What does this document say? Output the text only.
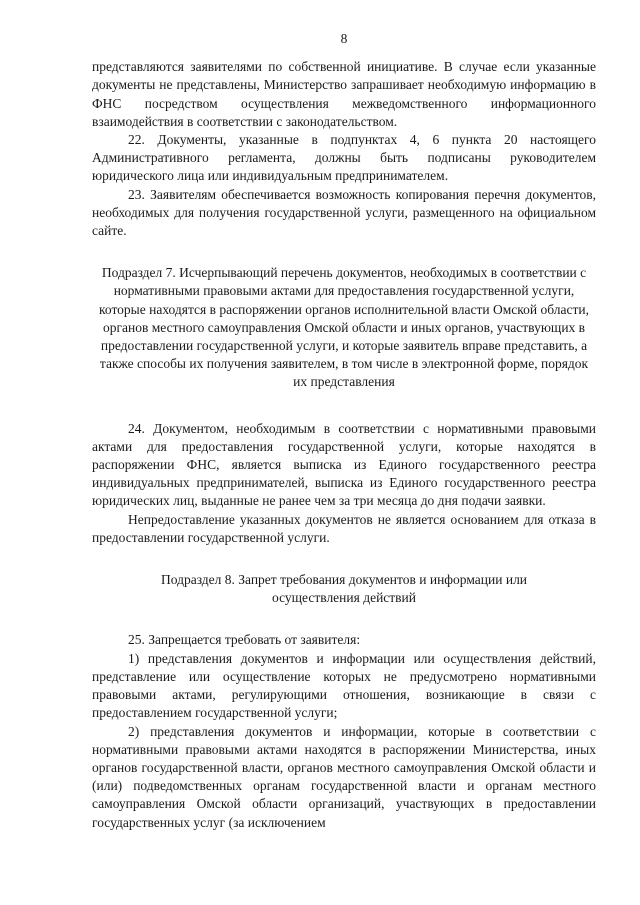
8

представляются заявителями по собственной инициативе. В случае если указанные документы не представлены, Министерство запрашивает необходимую информацию в ФНС посредством осуществления межведомственного информационного взаимодействия в соответствии с законодательством.

22. Документы, указанные в подпунктах 4, 6 пункта 20 настоящего Административного регламента, должны быть подписаны руководителем юридического лица или индивидуальным предпринимателем.

23. Заявителям обеспечивается возможность копирования перечня документов, необходимых для получения государственной услуги, размещенного на официальном сайте.

Подраздел 7. Исчерпывающий перечень документов, необходимых в соответствии с нормативными правовыми актами для предоставления государственной услуги, которые находятся в распоряжении органов исполнительной власти Омской области, органов местного самоуправления Омской области и иных органов, участвующих в предоставлении государственной услуги, и которые заявитель вправе представить, а также способы их получения заявителем, в том числе в электронной форме, порядок их представления

24. Документом, необходимым в соответствии с нормативными правовыми актами для предоставления государственной услуги, которые находятся в распоряжении ФНС, является выписка из Единого государственного реестра индивидуальных предпринимателей, выписка из Единого государственного реестра юридических лиц, выданные не ранее чем за три месяца до дня подачи заявки.

Непредоставление указанных документов не является основанием для отказа в предоставлении государственной услуги.

Подраздел 8. Запрет требования документов и информации или осуществления действий

25. Запрещается требовать от заявителя:

1) представления документов и информации или осуществления действий, представление или осуществление которых не предусмотрено нормативными правовыми актами, регулирующими отношения, возникающие в связи с предоставлением государственной услуги;

2) представления документов и информации, которые в соответствии с нормативными правовыми актами находятся в распоряжении Министерства, иных органов государственной власти, органов местного самоуправления Омской области и (или) подведомственных органам государственной власти и органам местного самоуправления Омской области организаций, участвующих в предоставлении государственных услуг (за исключением
